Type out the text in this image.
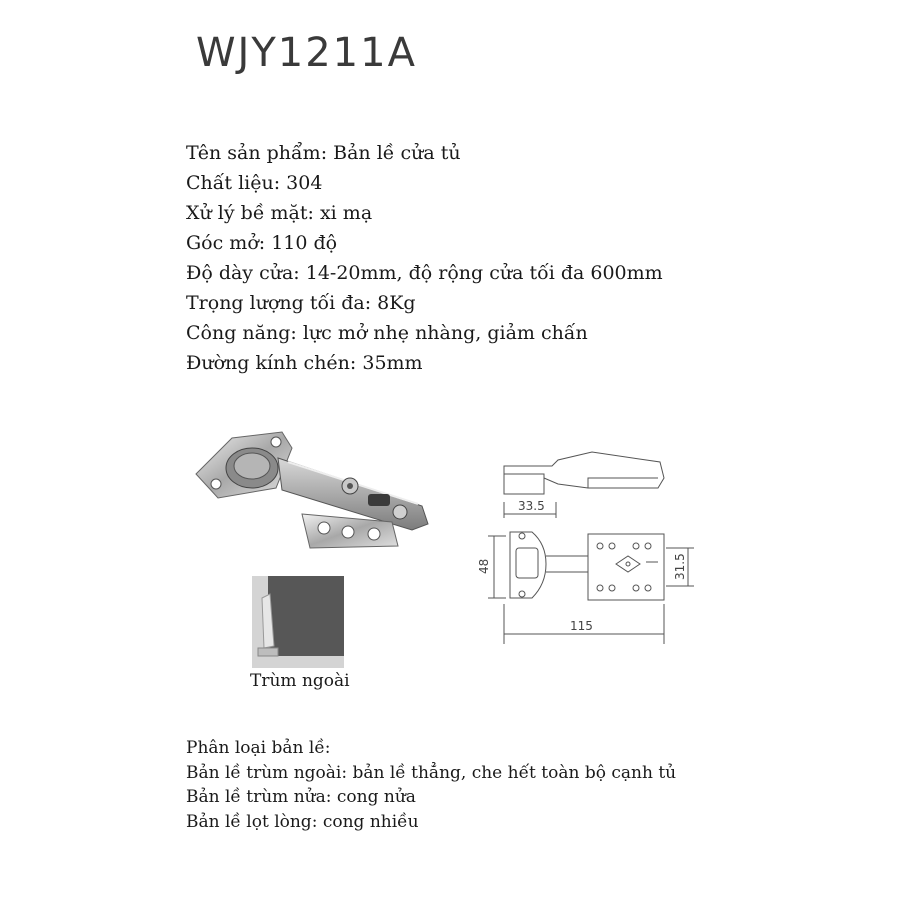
WJY1211A
Tên sản phẩm: Bản lề cửa tủ
Chất liệu: 304
Xử lý bề mặt: xi mạ
Góc mở: 110 độ
Độ dày cửa: 14-20mm, độ rộng cửa tối đa 600mm
Trọng lượng tối đa: 8Kg
Công năng: lực mở nhẹ nhàng, giảm chấn
Đường kính chén: 35mm
Trùm ngoài
33.5
48	31.5
115
Phân loại bản lề:
Bản lề trùm ngoài: bản lề thẳng, che hết toàn bộ cạnh tủ
Bản lề trùm nửa: cong nửa
Bản lề lọt lòng: cong nhiều
